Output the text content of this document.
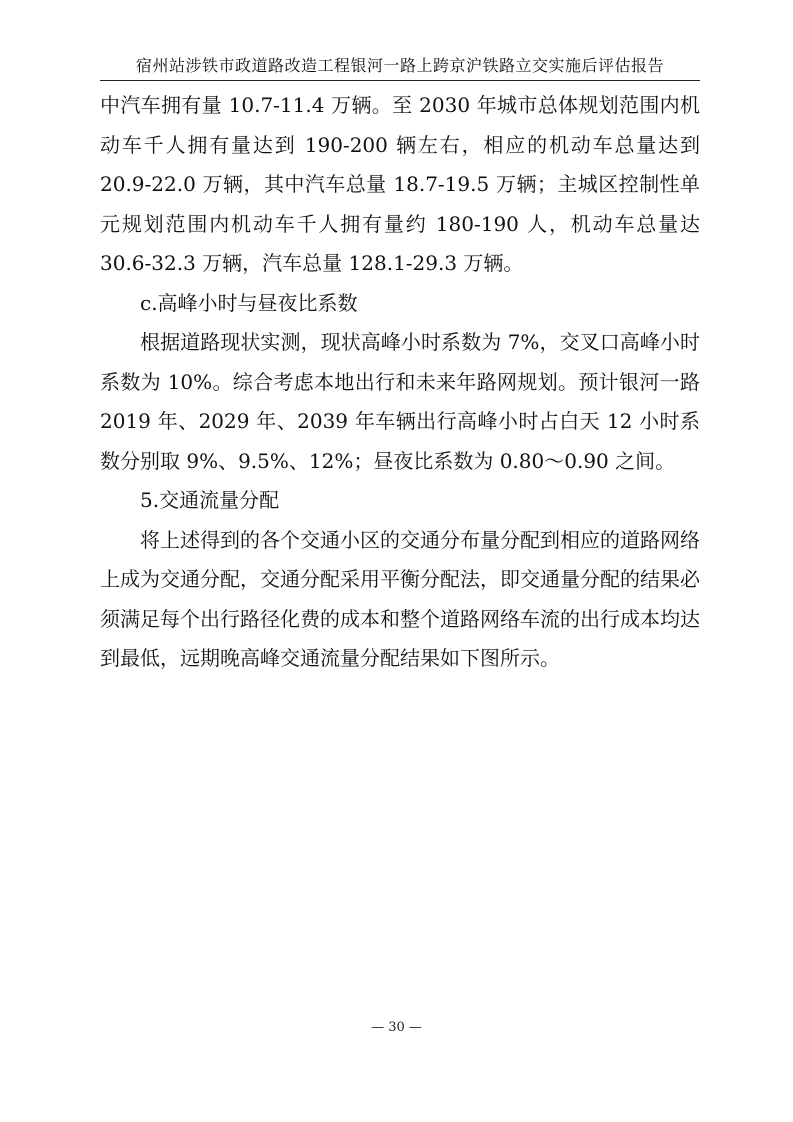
宿州站涉铁市政道路改造工程银河一路上跨京沪铁路立交实施后评估报告

中汽车拥有量 10.7-11.4 万辆。至 2030 年城市总体规划范围内机动车千人拥有量达到 190-200 辆左右，相应的机动车总量达到 20.9-22.0 万辆，其中汽车总量 18.7-19.5 万辆；主城区控制性单元规划范围内机动车千人拥有量约 180-190 人，机动车总量达 30.6-32.3 万辆，汽车总量 128.1-29.3 万辆。

c.高峰小时与昼夜比系数

根据道路现状实测，现状高峰小时系数为 7%，交叉口高峰小时系数为 10%。综合考虑本地出行和未来年路网规划。预计银河一路 2019 年、2029 年、2039 年车辆出行高峰小时占白天 12 小时系数分别取 9%、9.5%、12%；昼夜比系数为 0.80～0.90 之间。

5.交通流量分配

将上述得到的各个交通小区的交通分布量分配到相应的道路网络上成为交通分配，交通分配采用平衡分配法，即交通量分配的结果必须满足每个出行路径化费的成本和整个道路网络车流的出行成本均达到最低，远期晚高峰交通流量分配结果如下图所示。

— 30 —
